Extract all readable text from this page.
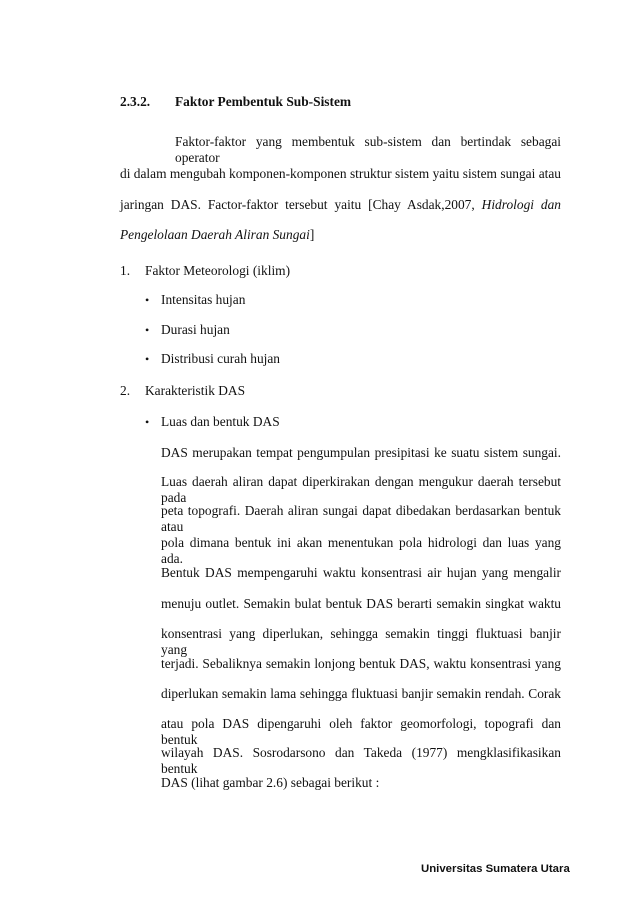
2.3.2. Faktor Pembentuk Sub-Sistem
Faktor-faktor yang membentuk sub-sistem dan bertindak sebagai operator
di dalam mengubah komponen-komponen struktur sistem yaitu sistem sungai atau
jaringan DAS. Factor-faktor tersebut yaitu [Chay Asdak,2007, Hidrologi dan
Pengelolaan Daerah Aliran Sungai]
1. Faktor Meteorologi (iklim)
• Intensitas hujan
• Durasi hujan
• Distribusi curah hujan
2. Karakteristik DAS
• Luas dan bentuk DAS
DAS merupakan tempat pengumpulan presipitasi ke suatu sistem sungai.
Luas daerah aliran dapat diperkirakan dengan mengukur daerah tersebut pada
peta topografi. Daerah aliran sungai dapat dibedakan berdasarkan bentuk atau
pola dimana bentuk ini akan menentukan pola hidrologi dan luas yang ada.
Bentuk DAS mempengaruhi waktu konsentrasi air hujan yang mengalir
menuju outlet. Semakin bulat bentuk DAS berarti semakin singkat waktu
konsentrasi yang diperlukan, sehingga semakin tinggi fluktuasi banjir yang
terjadi. Sebaliknya semakin lonjong bentuk DAS, waktu konsentrasi yang
diperlukan semakin lama sehingga fluktuasi banjir semakin rendah. Corak
atau pola DAS dipengaruhi oleh faktor geomorfologi, topografi dan bentuk
wilayah DAS. Sosrodarsono dan Takeda (1977) mengklasifikasikan bentuk
DAS (lihat gambar 2.6) sebagai berikut :
Universitas Sumatera Utara
